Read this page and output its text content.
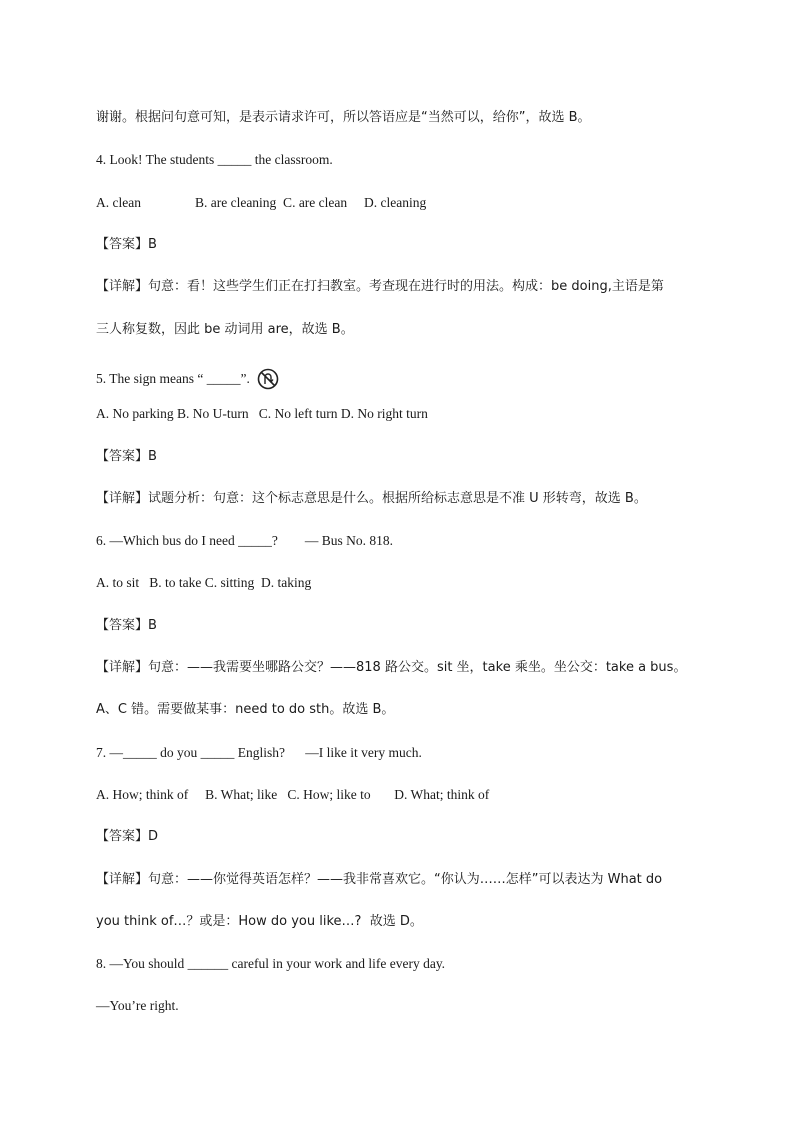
谢谢。根据问句意可知，是表示请求许可，所以答语应是“当然可以，给你”，故选 B。
4. Look! The students _____ the classroom.
A. clean                B. are cleaning  C. are clean     D. cleaning
【答案】B
【详解】句意：看！这些学生们正在打扫教室。考查现在进行时的用法。构成：be doing,主语是第
三人称复数，因此 be 动词用 are，故选 B。
5. The sign means “ _____”.
A. No parking B. No U-turn   C. No left turn D. No right turn
【答案】B
【详解】试题分析：句意：这个标志意思是什么。根据所给标志意思是不准 U 形转弯，故选 B。
6. —Which bus do I need _____?        — Bus No. 818.
A. to sit   B. to take C. sitting  D. taking
【答案】B
【详解】句意：——我需要坐哪路公交？——818 路公交。sit 坐，take 乘坐。坐公交：take a bus。
A、C 错。需要做某事：need to do sth。故选 B。
7. —_____ do you _____ English?      —I like it very much.
A. How; think of     B. What; like   C. How; like to       D. What; think of
【答案】D
【详解】句意：——你觉得英语怎样？——我非常喜欢它。“你认为……怎样”可以表达为 What do
you think of…？或是：How do you like…?  故选 D。
8. —You should ______ careful in your work and life every day.
—You’re right.
